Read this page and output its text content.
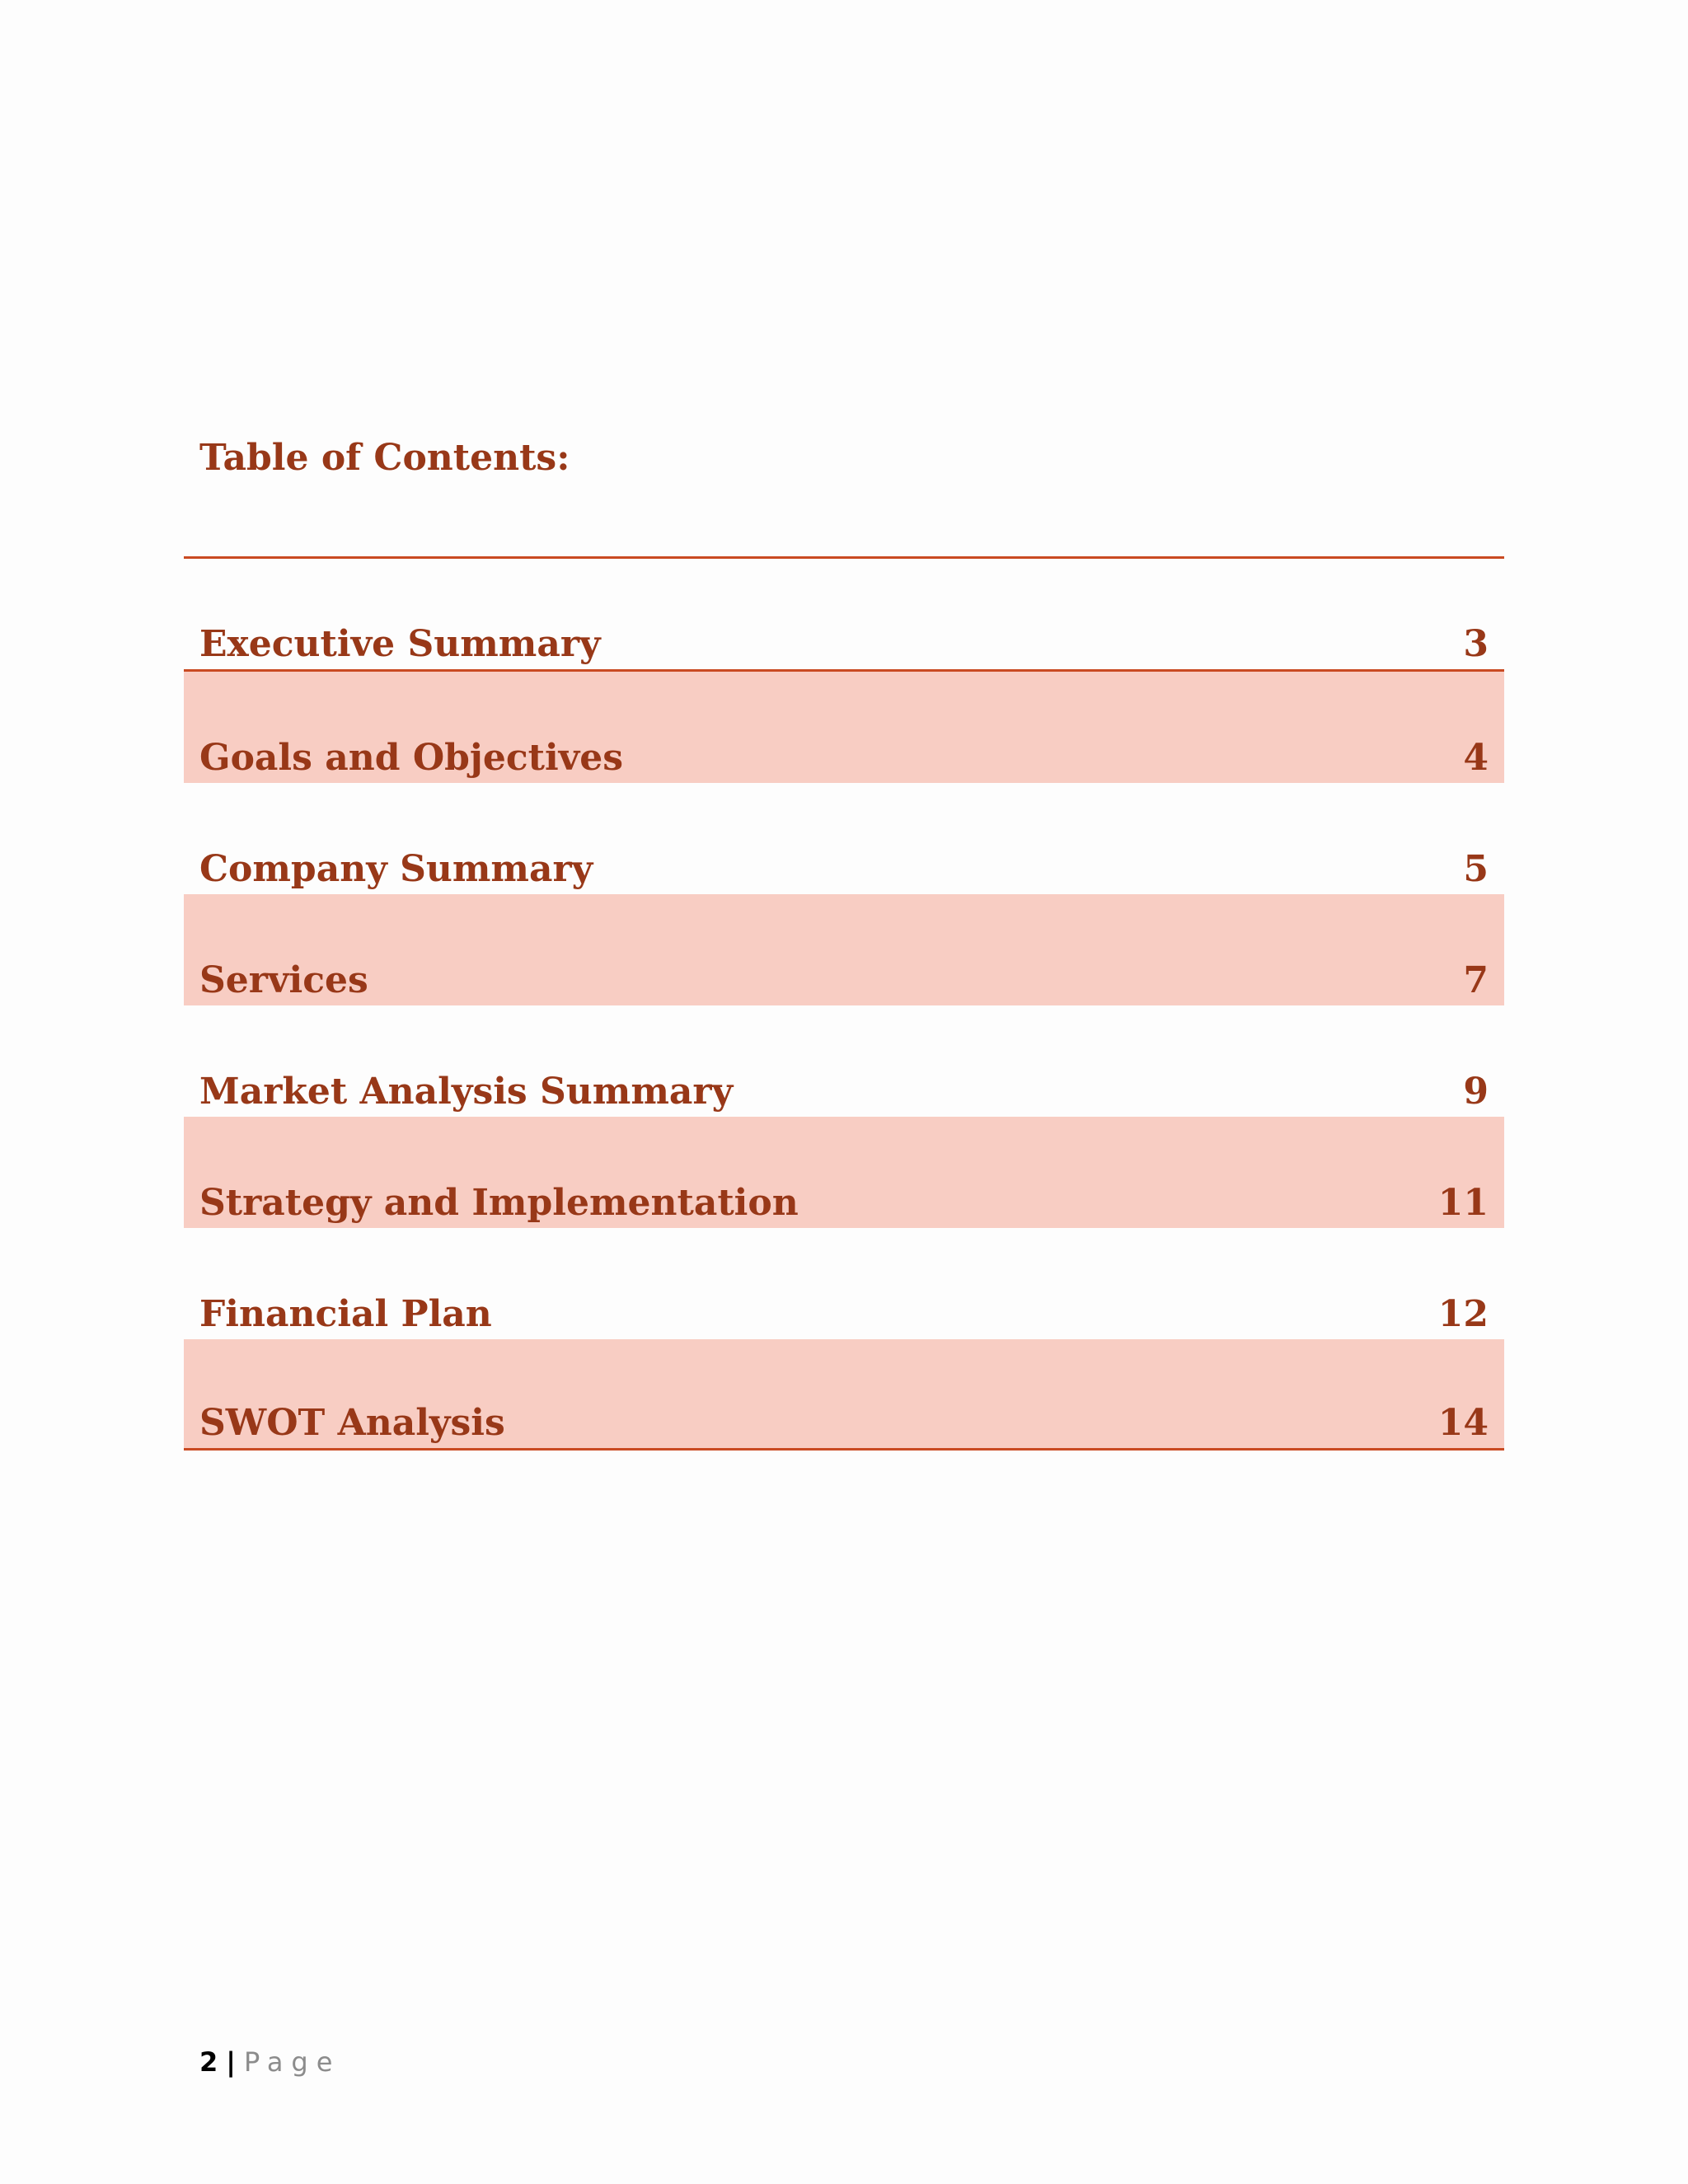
Table of Contents:
Executive Summary	3
Goals and Objectives	4
Company Summary	5
Services	7
Market Analysis Summary	9
Strategy and Implementation	11
Financial Plan	12
SWOT Analysis	14
2 | Page
